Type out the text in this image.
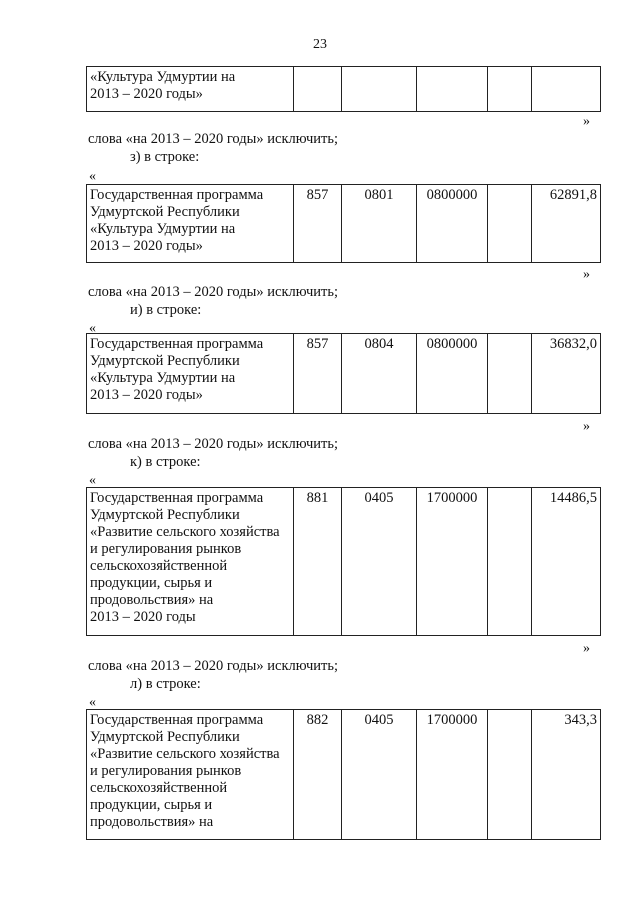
23
«Культура Удмуртии на
2013 – 2020 годы»					
»
слова «на 2013 – 2020 годы» исключить;
з) в строке:
«
Государственная программа
Удмуртской Республики
«Культура Удмуртии на
2013 – 2020 годы»	857	0801	0800000		62891,8
»
слова «на 2013 – 2020 годы» исключить;
и) в строке:
«
Государственная программа
Удмуртской Республики
«Культура Удмуртии на
2013 – 2020 годы»	857	0804	0800000		36832,0
»
слова «на 2013 – 2020 годы» исключить;
к) в строке:
«
Государственная программа
Удмуртской Республики
«Развитие сельского хозяйства
и регулирования рынков
сельскохозяйственной
продукции, сырья и
продовольствия» на
2013 – 2020 годы	881	0405	1700000		14486,5
»
слова «на 2013 – 2020 годы» исключить;
л) в строке:
«
Государственная программа
Удмуртской Республики
«Развитие сельского хозяйства
и регулирования рынков
сельскохозяйственной
продукции, сырья и
продовольствия» на	882	0405	1700000		343,3
